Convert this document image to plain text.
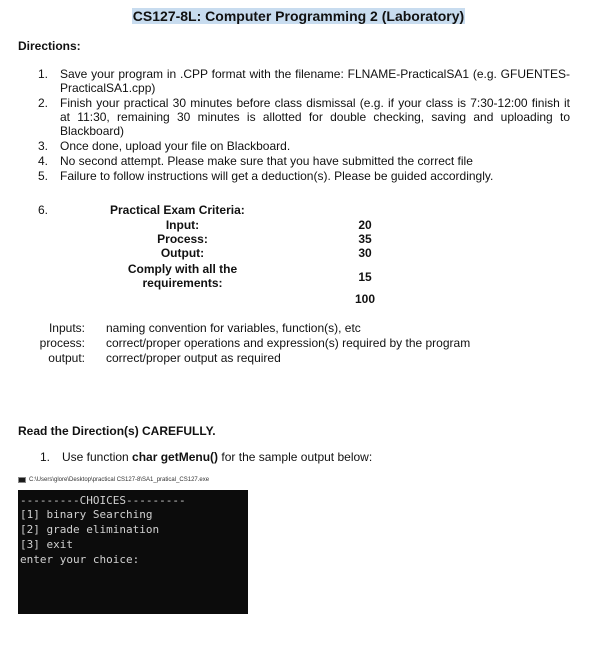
CS127-8L: Computer Programming 2 (Laboratory)
Directions:
1. Save your program in .CPP format with the filename: FLNAME-PracticalSA1 (e.g. GFUENTES-PracticalSA1.cpp)
2. Finish your practical 30 minutes before class dismissal (e.g. if your class is 7:30-12:00 finish it at 11:30, remaining 30 minutes is allotted for double checking, saving and uploading to Blackboard)
3. Once done, upload your file on Blackboard.
4. No second attempt. Please make sure that you have submitted the correct file
5. Failure to follow instructions will get a deduction(s). Please be guided accordingly.
6.	Practical Exam Criteria:
Input:	20
Process:	35
Output:	30
Comply with all the requirements:	15
100
Inputs: naming convention for variables, function(s), etc
process: correct/proper operations and expression(s) required by the program
output: correct/proper output as required
Read the Direction(s) CAREFULLY.
1. Use function char getMenu() for the sample output below:
C:\Users\glore\Desktop\practical CS127-8\SA1_pratical_CS127.exe
---------CHOICES---------
[1] binary Searching
[2] grade elimination
[3] exit
enter your choice:
